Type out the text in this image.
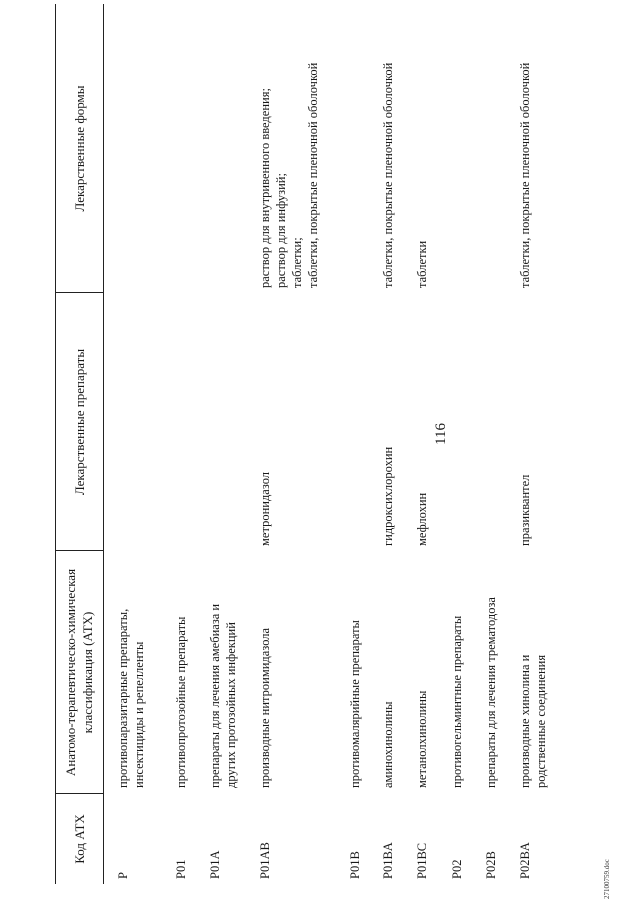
116
Код АТХ
Анатомо-терапевтическо-химическая
классификация (АТХ)
Лекарственные препараты
Лекарственные формы
P
противопаразитарные препараты,
инсектициды и репелленты
P01
противопротозойные препараты
P01A
препараты для лечения амебиаза и
других протозойных инфекций
P01AB
производные нитроимидазола
метронидазол
раствор для внутривенного введения;
раствор для инфузий;
таблетки;
таблетки, покрытые пленочной оболочкой
P01B
противомалярийные препараты
P01BA
аминохинолины
гидроксихлорохин
таблетки, покрытые пленочной оболочкой
P01BC
метанолхинолины
мефлохин
таблетки
P02
противогельминтные препараты
P02B
препараты для лечения трематодоза
P02BA
производные хинолина и
родственные соединения
празиквантел
таблетки, покрытые пленочной оболочкой
27100759.doc
